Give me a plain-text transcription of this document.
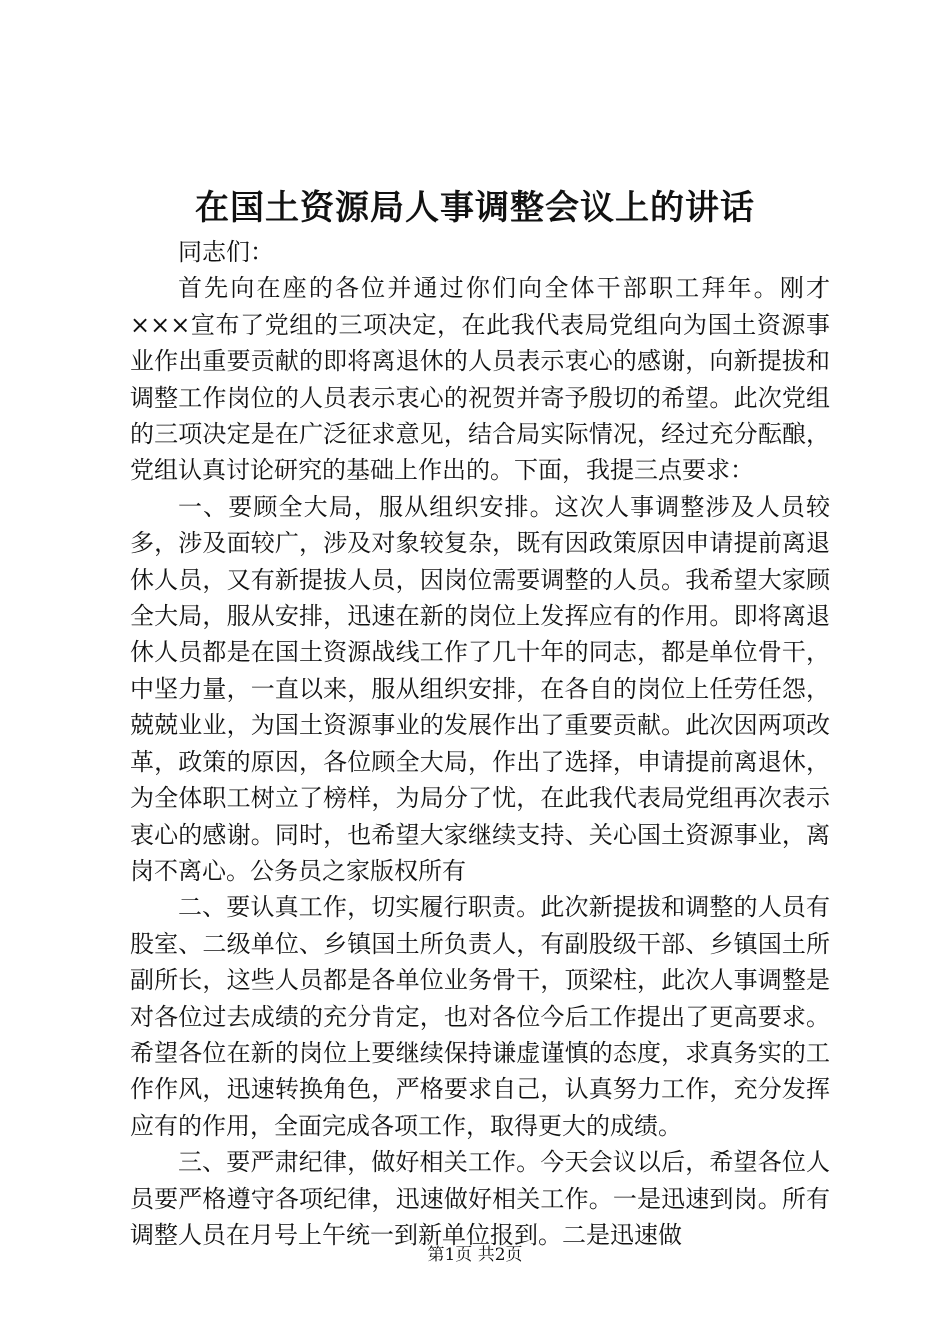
在国土资源局人事调整会议上的讲话

同志们：

首先向在座的各位并通过你们向全体干部职工拜年。刚才×××宣布了党组的三项决定，在此我代表局党组向为国土资源事业作出重要贡献的即将离退休的人员表示衷心的感谢，向新提拔和调整工作岗位的人员表示衷心的祝贺并寄予殷切的希望。此次党组的三项决定是在广泛征求意见，结合局实际情况，经过充分酝酿，党组认真讨论研究的基础上作出的。下面，我提三点要求：

一、要顾全大局，服从组织安排。这次人事调整涉及人员较多，涉及面较广，涉及对象较复杂，既有因政策原因申请提前离退休人员，又有新提拔人员，因岗位需要调整的人员。我希望大家顾全大局，服从安排，迅速在新的岗位上发挥应有的作用。即将离退休人员都是在国土资源战线工作了几十年的同志，都是单位骨干，中坚力量，一直以来，服从组织安排，在各自的岗位上任劳任怨，兢兢业业，为国土资源事业的发展作出了重要贡献。此次因两项改革，政策的原因，各位顾全大局，作出了选择，申请提前离退休，为全体职工树立了榜样，为局分了忧，在此我代表局党组再次表示衷心的感谢。同时，也希望大家继续支持、关心国土资源事业，离岗不离心。公务员之家版权所有

二、要认真工作，切实履行职责。此次新提拔和调整的人员有股室、二级单位、乡镇国土所负责人，有副股级干部、乡镇国土所副所长，这些人员都是各单位业务骨干，顶梁柱，此次人事调整是对各位过去成绩的充分肯定，也对各位今后工作提出了更高要求。希望各位在新的岗位上要继续保持谦虚谨慎的态度，求真务实的工作作风，迅速转换角色，严格要求自己，认真努力工作，充分发挥应有的作用，全面完成各项工作，取得更大的成绩。

三、要严肃纪律，做好相关工作。今天会议以后，希望各位人员要严格遵守各项纪律，迅速做好相关工作。一是迅速到岗。所有调整人员在月号上午统一到新单位报到。二是迅速做

第1页 共2页
